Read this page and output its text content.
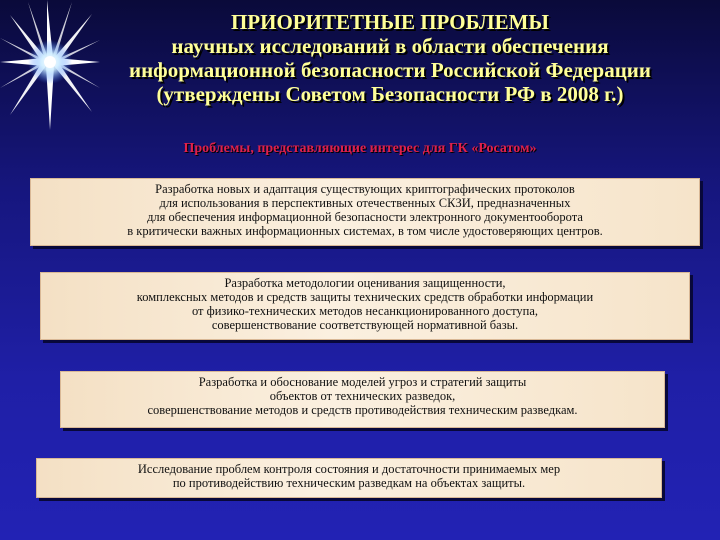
ПРИОРИТЕТНЫЕ ПРОБЛЕМЫ
научных исследований в области обеспечения
информационной безопасности Российской Федерации
(утверждены Советом Безопасности РФ в 2008 г.)
Проблемы, представляющие интерес для ГК «Росатом»
Разработка новых и адаптация существующих криптографических протоколов
для использования в перспективных отечественных СКЗИ, предназначенных
для обеспечения информационной безопасности электронного документооборота
в критически важных информационных системах, в том числе удостоверяющих центров.
Разработка методологии оценивания защищенности,
комплексных методов и средств защиты технических средств обработки информации
от физико-технических методов несанкционированного доступа,
совершенствование соответствующей нормативной базы.
Разработка и обоснование моделей угроз и стратегий защиты
объектов от технических разведок,
совершенствование методов и средств противодействия техническим разведкам.
Исследование проблем контроля состояния и достаточности принимаемых мер
по противодействию техническим разведкам на объектах защиты.
